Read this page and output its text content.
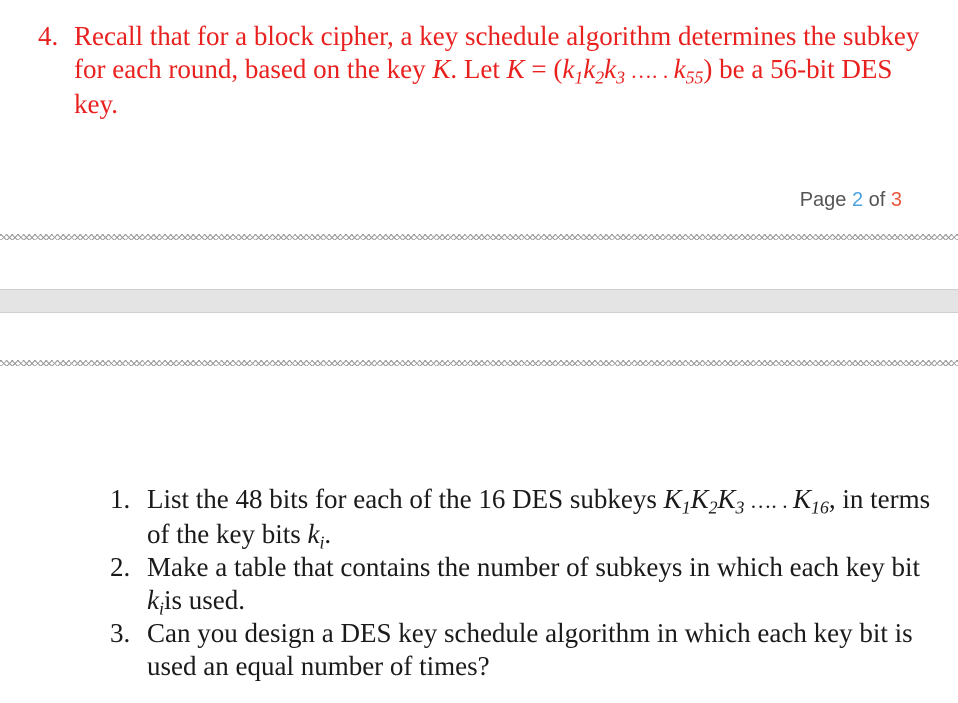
4. Recall that for a block cipher, a key schedule algorithm determines the subkey for each round, based on the key K. Let $K = (k_1k_2k_3$ …. . $k_{55}$) be a 56-bit DES key.
Page 2 of 3
1. List the 48 bits for each of the 16 DES subkeys $K_1K_2K_3$ …. . $K_{16}$, in terms of the key bits $k_i$.
2. Make a table that contains the number of subkeys in which each key bit $k_iis$ used.
3. Can you design a DES key schedule algorithm in which each key bit is used an equal number of times?
